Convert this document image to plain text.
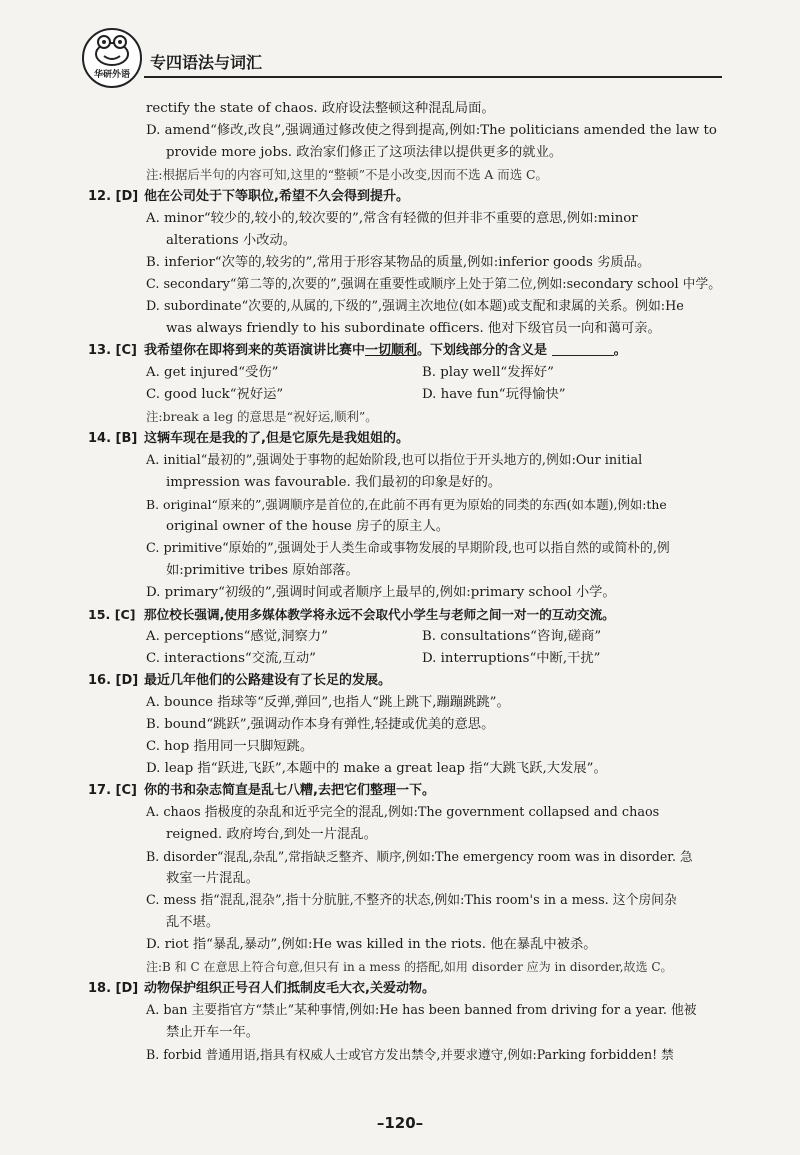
华研外语
专四语法与词汇
rectify the state of chaos. 政府设法整顿这种混乱局面。
D. amend“修改,改良”,强调通过修改使之得到提高,例如:The politicians amended the law to
provide more jobs. 政治家们修正了这项法律以提供更多的就业。
注:根据后半句的内容可知,这里的“整顿”不是小改变,因而不选 A 而选 C。
12. [D] 他在公司处于下等职位,希望不久会得到提升。
A. minor“较少的,较小的,较次要的”,常含有轻微的但并非不重要的意思,例如:minor
alterations 小改动。
B. inferior“次等的,较劣的”,常用于形容某物品的质量,例如:inferior goods 劣质品。
C. secondary“第二等的,次要的”,强调在重要性或顺序上处于第二位,例如:secondary school 中学。
D. subordinate“次要的,从属的,下级的”,强调主次地位(如本题)或支配和隶属的关系。例如:He
was always friendly to his subordinate officers. 他对下级官员一向和蔼可亲。
13. [C] 我希望你在即将到来的英语演讲比赛中一切顺利。下划线部分的含义是	。
A. get injured“受伤”	B. play well“发挥好”
C. good luck“祝好运”	D. have fun“玩得愉快”
注:break a leg 的意思是“祝好运,顺利”。
14. [B] 这辆车现在是我的了,但是它原先是我姐姐的。
A. initial“最初的”,强调处于事物的起始阶段,也可以指位于开头地方的,例如:Our initial
impression was favourable. 我们最初的印象是好的。
B. original“原来的”,强调顺序是首位的,在此前不再有更为原始的同类的东西(如本题),例如:the
original owner of the house 房子的原主人。
C. primitive“原始的”,强调处于人类生命或事物发展的早期阶段,也可以指自然的或简朴的,例
如:primitive tribes 原始部落。
D. primary“初级的”,强调时间或者顺序上最早的,例如:primary school 小学。
15. [C] 那位校长强调,使用多媒体教学将永远不会取代小学生与老师之间一对一的互动交流。
A. perceptions“感觉,洞察力”	B. consultations“咨询,磋商”
C. interactions“交流,互动”	D. interruptions“中断,干扰”
16. [D] 最近几年他们的公路建设有了长足的发展。
A. bounce 指球等“反弹,弹回”,也指人“跳上跳下,蹦蹦跳跳”。
B. bound“跳跃”,强调动作本身有弹性,轻捷或优美的意思。
C. hop 指用同一只脚短跳。
D. leap 指“跃进,飞跃”,本题中的 make a great leap 指“大跳飞跃,大发展”。
17. [C] 你的书和杂志简直是乱七八糟,去把它们整理一下。
A. chaos 指极度的杂乱和近乎完全的混乱,例如:The government collapsed and chaos
reigned. 政府垮台,到处一片混乱。
B. disorder“混乱,杂乱”,常指缺乏整齐、顺序,例如:The emergency room was in disorder. 急
救室一片混乱。
C. mess 指“混乱,混杂”,指十分肮脏,不整齐的状态,例如:This room's in a mess. 这个房间杂
乱不堪。
D. riot 指“暴乱,暴动”,例如:He was killed in the riots. 他在暴乱中被杀。
注:B 和 C 在意思上符合句意,但只有 in a mess 的搭配,如用 disorder 应为 in disorder,故选 C。
18. [D] 动物保护组织正号召人们抵制皮毛大衣,关爱动物。
A. ban 主要指官方“禁止”某种事情,例如:He has been banned from driving for a year. 他被
禁止开车一年。
B. forbid 普通用语,指具有权威人士或官方发出禁令,并要求遵守,例如:Parking forbidden! 禁
–120–
